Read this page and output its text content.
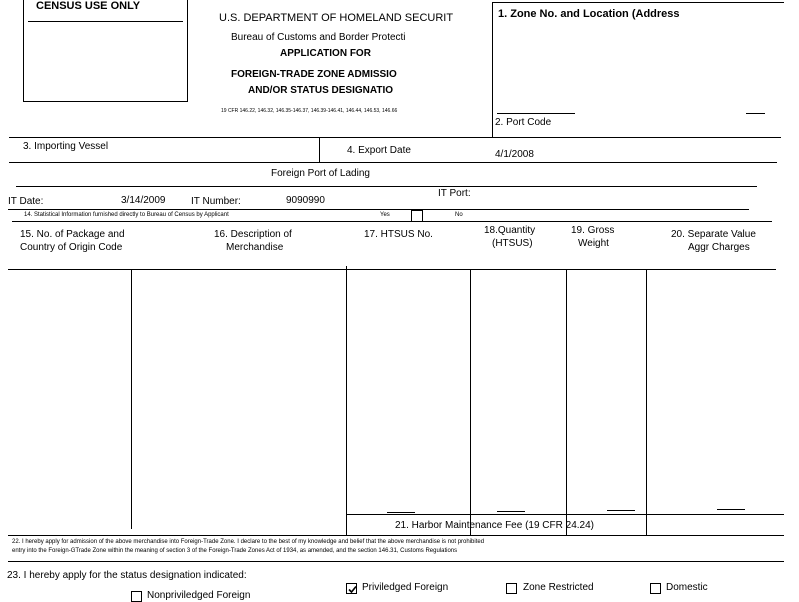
CENSUS USE ONLY
U.S. DEPARTMENT OF HOMELAND SECURIT
Bureau of Customs and Border Protecti
APPLICATION FOR
FOREIGN-TRADE ZONE ADMISSIO
AND/OR STATUS DESIGNATIO
19 CFR 146.22, 146.32, 146.35-146.37, 146.39-146.41, 146.44, 146.53, 146.66
1. Zone No. and Location (Address
2. Port Code
3. Importing Vessel	4. Export Date	4/1/2008
Foreign Port of Lading
IT Port:
IT Date:	3/14/2009	IT Number:	9090990
14. Statistical Information furnished directly to Bureau of Census by Applicant	Yes	No
15. No. of Package and
Country of Origin Code
16. Description of
Merchandise
17. HTSUS No.	18.Quantity
(HTSUS)
19. Gross
Weight
20. Separate Value
Aggr Charges
21. Harbor Maintenance Fee (19 CFR 24.24)
22. I hereby apply for admission of the above merchandise into Foreign-Trade Zone. I declare to the best of my knowledge and belief that the above merchandise is not prohibited
entry into the Foreign-GTrade Zone within the meaning of section 3 of the Foreign-Trade Zones Act of 1934, as amended, and the section 146.31, Customs Regulations
23. I hereby apply for the status designation indicated:
Priviledged Foreign	Zone Restricted	Domestic
Nonpriviledged Foreign
